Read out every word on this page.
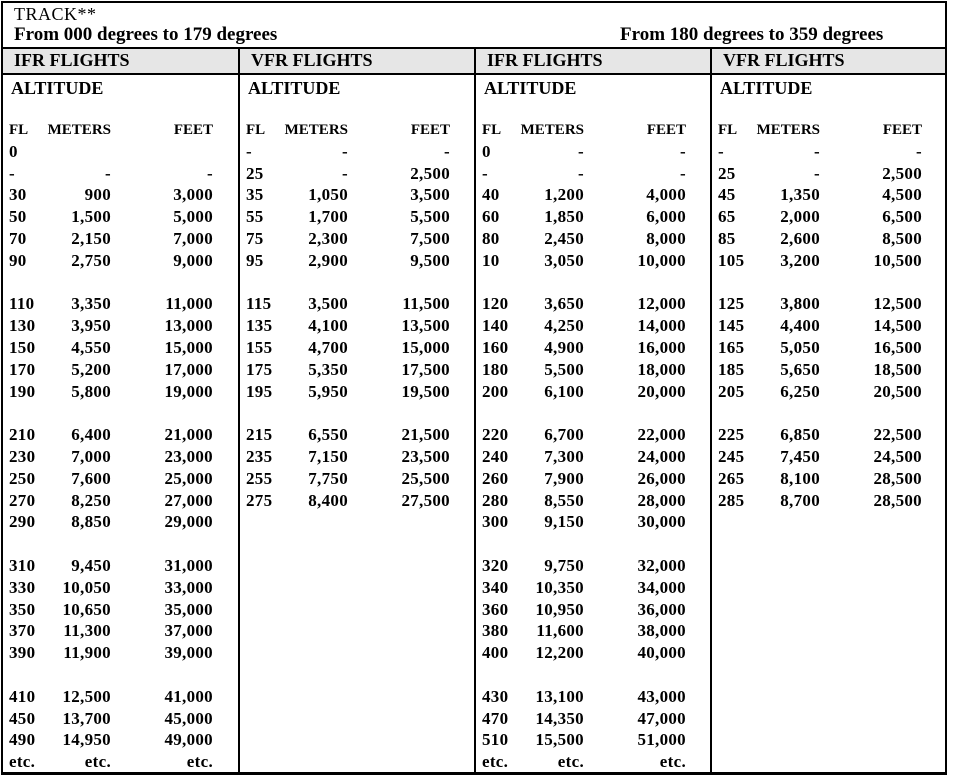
TRACK**
From 000 degrees to 179 degrees	From 180 degrees to 359 degrees
IFR FLIGHTS	VFR FLIGHTS	IFR FLIGHTS	VFR FLIGHTS
ALTITUDE
FL	METERS	FEET
0		
-	-	-
30	900	3,000
50	1,500	5,000
70	2,150	7,000
90	2,750	9,000

110	3,350	11,000
130	3,950	13,000
150	4,550	15,000
170	5,200	17,000
190	5,800	19,000

210	6,400	21,000
230	7,000	23,000
250	7,600	25,000
270	8,250	27,000
290	8,850	29,000

310	9,450	31,000
330	10,050	33,000
350	10,650	35,000
370	11,300	37,000
390	11,900	39,000

410	12,500	41,000
450	13,700	45,000
490	14,950	49,000
etc.	etc.	etc.
ALTITUDE
FL	METERS	FEET
-	-	-
25	-	2,500
35	1,050	3,500
55	1,700	5,500
75	2,300	7,500
95	2,900	9,500

115	3,500	11,500
135	4,100	13,500
155	4,700	15,000
175	5,350	17,500
195	5,950	19,500

215	6,550	21,500
235	7,150	23,500
255	7,750	25,500
275	8,400	27,500
ALTITUDE
FL	METERS	FEET
0	-	-
-	-	-
40	1,200	4,000
60	1,850	6,000
80	2,450	8,000
10	3,050	10,000

120	3,650	12,000
140	4,250	14,000
160	4,900	16,000
180	5,500	18,000
200	6,100	20,000

220	6,700	22,000
240	7,300	24,000
260	7,900	26,000
280	8,550	28,000
300	9,150	30,000

320	9,750	32,000
340	10,350	34,000
360	10,950	36,000
380	11,600	38,000
400	12,200	40,000

430	13,100	43,000
470	14,350	47,000
510	15,500	51,000
etc.	etc.	etc.
ALTITUDE
FL	METERS	FEET
-	-	-
25	-	2,500
45	1,350	4,500
65	2,000	6,500
85	2,600	8,500
105	3,200	10,500

125	3,800	12,500
145	4,400	14,500
165	5,050	16,500
185	5,650	18,500
205	6,250	20,500

225	6,850	22,500
245	7,450	24,500
265	8,100	28,500
285	8,700	28,500
